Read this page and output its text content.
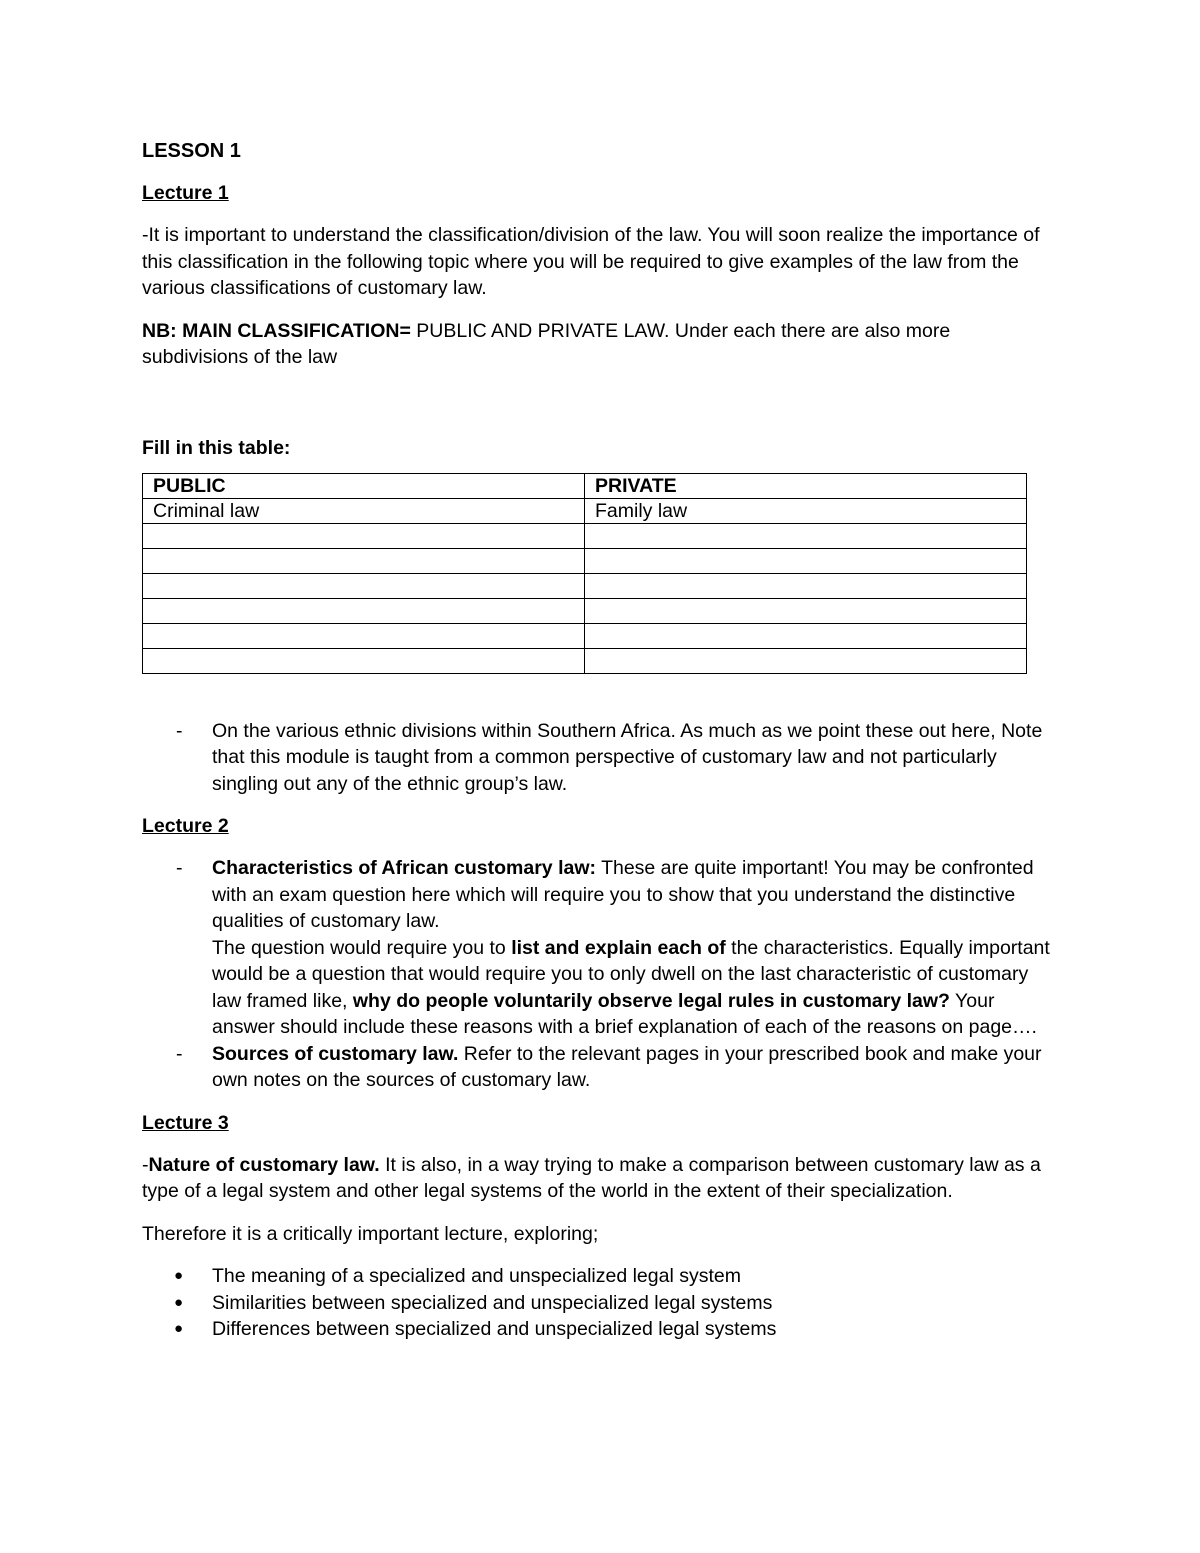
LESSON 1
Lecture 1

-It is important to understand the classification/division of the law. You will soon realize the importance of this classification in the following topic where you will be required to give examples of the law from the various classifications of customary law.

NB: MAIN CLASSIFICATION= PUBLIC AND PRIVATE LAW. Under each there are also more subdivisions of the law

Fill in this table:
PUBLIC	PRIVATE
Criminal law	Family law

- On the various ethnic divisions within Southern Africa. As much as we point these out here, Note that this module is taught from a common perspective of customary law and not particularly singling out any of the ethnic group’s law.
Lecture 2
- Characteristics of African customary law: These are quite important! You may be confronted with an exam question here which will require you to show that you understand the distinctive qualities of customary law.
The question would require you to list and explain each of the characteristics. Equally important would be a question that would require you to only dwell on the last characteristic of customary law framed like, why do people voluntarily observe legal rules in customary law? Your answer should include these reasons with a brief explanation of each of the reasons on page….
- Sources of customary law. Refer to the relevant pages in your prescribed book and make your own notes on the sources of customary law.
Lecture 3

-Nature of customary law. It is also, in a way trying to make a comparison between customary law as a type of a legal system and other legal systems of the world in the extent of their specialization.

Therefore it is a critically important lecture, exploring;

● The meaning of a specialized and unspecialized legal system
● Similarities between specialized and unspecialized legal systems
● Differences between specialized and unspecialized legal systems
